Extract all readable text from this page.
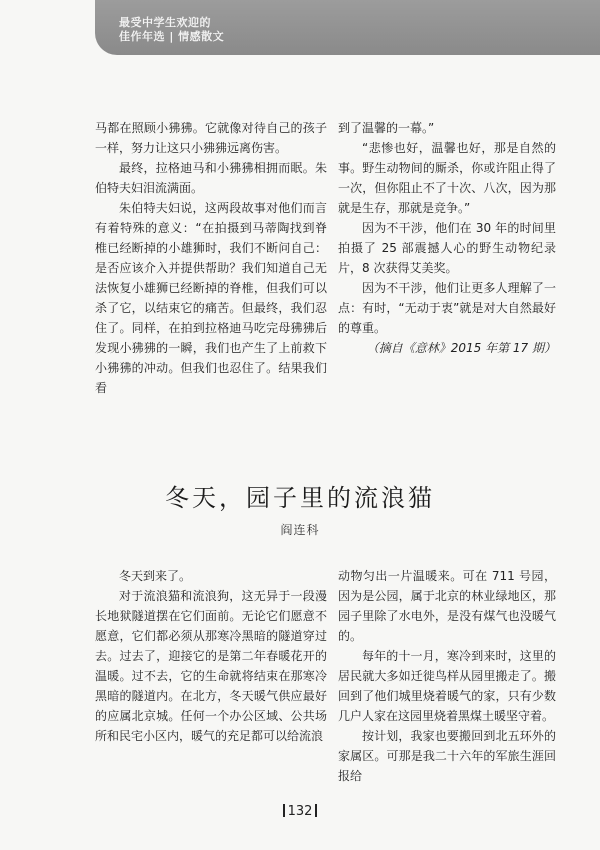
最受中学生欢迎的
佳作年选 | 情感散文

马都在照顾小狒狒。它就像对待自己的孩子一样，努力让这只小狒狒远离伤害。

最终，拉格迪马和小狒狒相拥而眠。朱伯特夫妇泪流满面。

朱伯特夫妇说，这两段故事对他们而言有着特殊的意义：“在拍摄到马蒂陶找到脊椎已经断掉的小雄狮时，我们不断问自己：是否应该介入并提供帮助？我们知道自己无法恢复小雄狮已经断掉的脊椎，但我们可以杀了它，以结束它的痛苦。但最终，我们忍住了。同样，在拍到拉格迪马吃完母狒狒后发现小狒狒的一瞬，我们也产生了上前救下小狒狒的冲动。但我们也忍住了。结果我们看

到了温馨的一幕。”

“悲惨也好，温馨也好，那是自然的事。野生动物间的厮杀，你或许阻止得了一次，但你阻止不了十次、八次，因为那就是生存，那就是竞争。”

因为不干涉，他们在 30 年的时间里拍摄了 25 部震撼人心的野生动物纪录片，8 次获得艾美奖。

因为不干涉，他们让更多人理解了一点：有时，“无动于衷”就是对大自然最好的尊重。

（摘自《意林》2015 年第 17 期）

冬天，园子里的流浪猫
阎连科

冬天到来了。

对于流浪猫和流浪狗，这无异于一段漫长地狱隧道摆在它们面前。无论它们愿意不愿意，它们都必须从那寒冷黑暗的隧道穿过去。过去了，迎接它的是第二年春暖花开的温暖。过不去，它的生命就将结束在那寒冷黑暗的隧道内。在北方，冬天暖气供应最好的应属北京城。任何一个办公区域、公共场所和民宅小区内，暖气的充足都可以给流浪

动物匀出一片温暖来。可在 711 号园，因为是公园，属于北京的林业绿地区，那园子里除了水电外，是没有煤气也没暖气的。

每年的十一月，寒冷到来时，这里的居民就大多如迁徙鸟样从园里搬走了。搬回到了他们城里烧着暖气的家，只有少数几户人家在这园里烧着黑煤土暖坚守着。

按计划，我家也要搬回到北五环外的家属区。可那是我二十六年的军旅生涯回报给

132
